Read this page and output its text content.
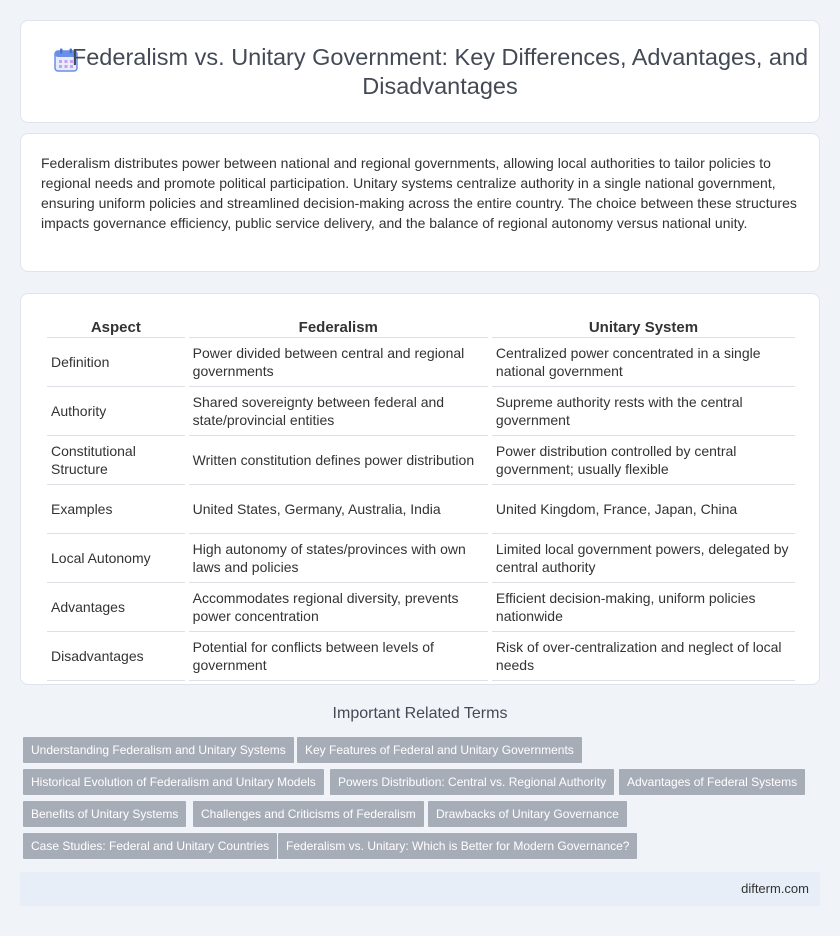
Federalism vs. Unitary Government: Key Differences, Advantages, and Disadvantages

Federalism distributes power between national and regional governments, allowing local authorities to tailor policies to regional needs and promote political participation. Unitary systems centralize authority in a single national government, ensuring uniform policies and streamlined decision-making across the entire country. The choice between these structures impacts governance efficiency, public service delivery, and the balance of regional autonomy versus national unity.

Aspect	Federalism	Unitary System
Definition	Power divided between central and regional governments	Centralized power concentrated in a single national government
Authority	Shared sovereignty between federal and state/provincial entities	Supreme authority rests with the central government
Constitutional Structure	Written constitution defines power distribution	Power distribution controlled by central government; usually flexible
Examples	United States, Germany, Australia, India	United Kingdom, France, Japan, China
Local Autonomy	High autonomy of states/provinces with own laws and policies	Limited local government powers, delegated by central authority
Advantages	Accommodates regional diversity, prevents power concentration	Efficient decision-making, uniform policies nationwide
Disadvantages	Potential for conflicts between levels of government	Risk of over-centralization and neglect of local needs
Important Related Terms
Understanding Federalism and Unitary Systems	Key Features of Federal and Unitary Governments
Historical Evolution of Federalism and Unitary Models	Powers Distribution: Central vs. Regional Authority	Advantages of Federal Systems
Benefits of Unitary Systems	Challenges and Criticisms of Federalism	Drawbacks of Unitary Governance
Case Studies: Federal and Unitary Countries	Federalism vs. Unitary: Which is Better for Modern Governance?
difterm.com
